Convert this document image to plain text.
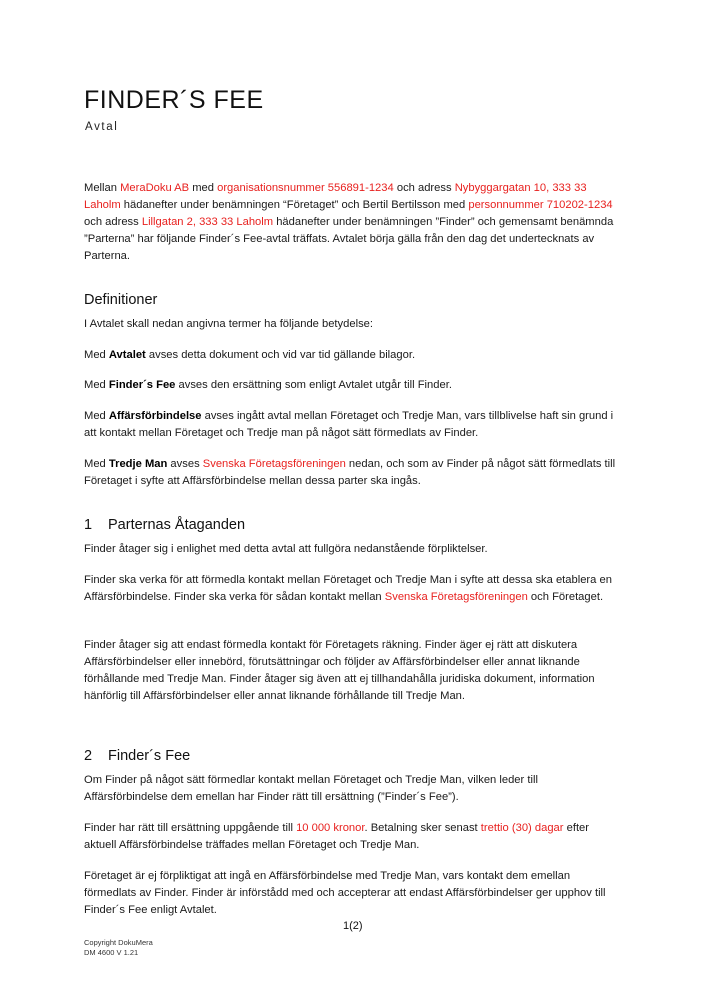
FINDER´S FEE
Avtal
Mellan MeraDoku AB med organisationsnummer 556891-1234 och adress Nybyggargatan 10, 333 33 Laholm hädanefter under benämningen “Företaget” och Bertil Bertilsson med personnummer 710202-1234 och adress Lillgatan 2, 333 33 Laholm hädanefter under benämningen ”Finder” och gemensamt benämnda ”Parterna” har följande Finder´s Fee-avtal träffats. Avtalet börja gälla från den dag det undertecknats av Parterna.
Definitioner
I Avtalet skall nedan angivna termer ha följande betydelse:
Med Avtalet avses detta dokument och vid var tid gällande bilagor.
Med Finder´s Fee avses den ersättning som enligt Avtalet utgår till Finder.
Med Affärsförbindelse avses ingått avtal mellan Företaget och Tredje Man, vars tillblivelse haft sin grund i att kontakt mellan Företaget och Tredje man på något sätt förmedlats av Finder.
Med Tredje Man avses Svenska Företagsföreningen nedan, och som av Finder på något sätt förmedlats till Företaget i syfte att Affärsförbindelse mellan dessa parter ska ingås.
1 Parternas Åtaganden
Finder åtager sig i enlighet med detta avtal att fullgöra nedanstående förpliktelser.
Finder ska verka för att förmedla kontakt mellan Företaget och Tredje Man i syfte att dessa ska etablera en Affärsförbindelse. Finder ska verka för sådan kontakt mellan Svenska Företagsföreningen och Företaget.
Finder åtager sig att endast förmedla kontakt för Företagets räkning. Finder äger ej rätt att diskutera Affärsförbindelser eller innebörd, förutsättningar och följder av Affärsförbindelser eller annat liknande förhållande med Tredje Man. Finder åtager sig även att ej tillhandahålla juridiska dokument, information hänförlig till Affärsförbindelser eller annat liknande förhållande till Tredje Man.
2 Finder´s Fee
Om Finder på något sätt förmedlar kontakt mellan Företaget och Tredje Man, vilken leder till Affärsförbindelse dem emellan har Finder rätt till ersättning (”Finder´s Fee”).
Finder har rätt till ersättning uppgående till 10 000 kronor. Betalning sker senast trettio (30) dagar efter aktuell Affärsförbindelse träffades mellan Företaget och Tredje Man.
Företaget är ej förpliktigat att ingå en Affärsförbindelse med Tredje Man, vars kontakt dem emellan förmedlats av Finder. Finder är införstådd med och accepterar att endast Affärsförbindelser ger upphov till Finder´s Fee enligt Avtalet.
1(2)
Copyright DokuMera
DM 4600 V 1.21
